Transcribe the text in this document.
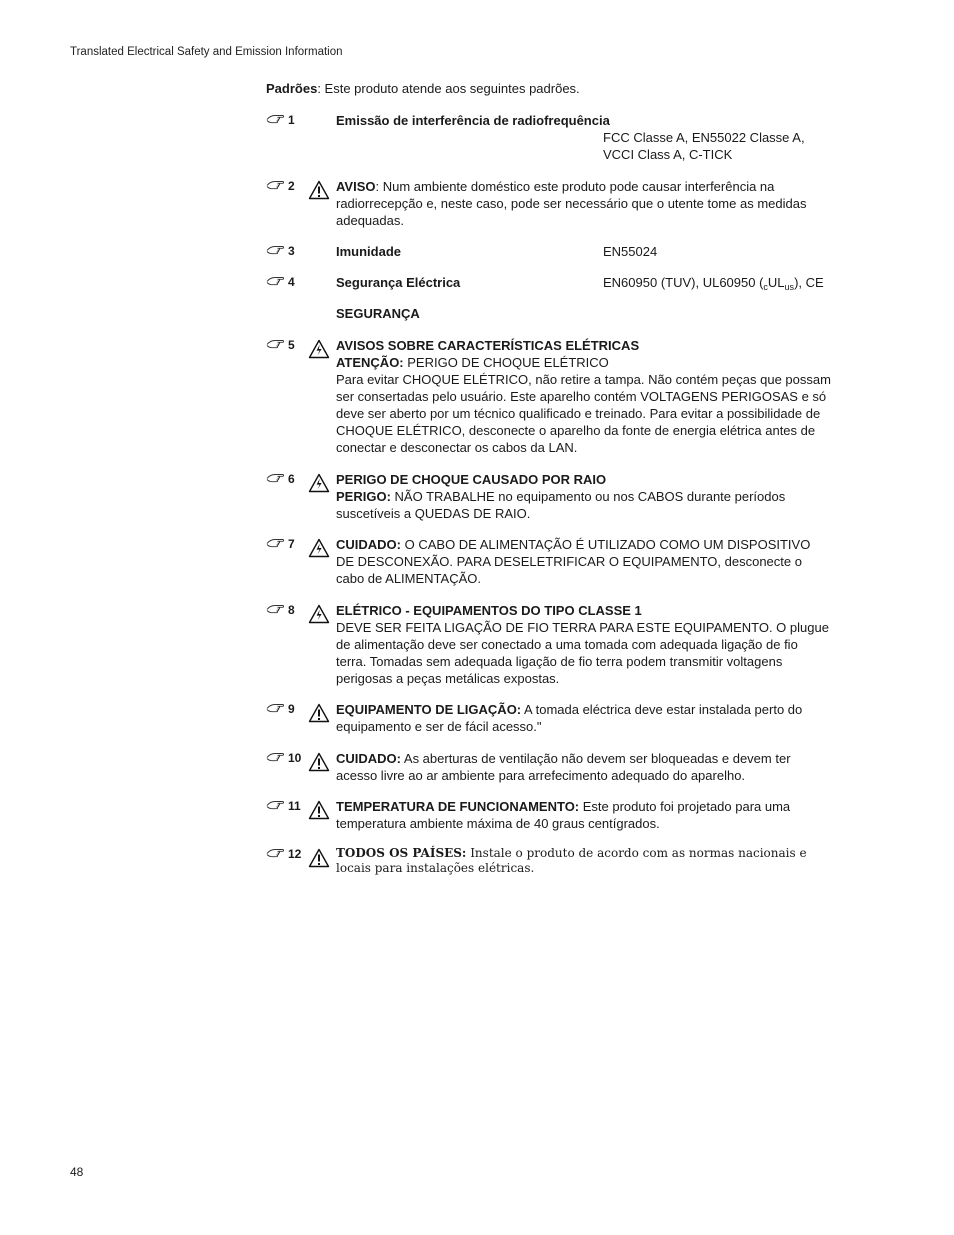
Translated Electrical Safety and Emission Information
Padrões: Este produto atende aos seguintes padrões.
1	Emissão de interferência de radiofrequência
FCC Classe A, EN55022 Classe A,
VCCI Class A, C-TICK
2	AVISO: Num ambiente doméstico este produto pode causar interferência na radiorrecepção e, neste caso, pode ser necessário que o utente tome as medidas adequadas.
3	Imunidade	EN55024
4	Segurança Eléctrica	EN60950 (TUV), UL60950 $(_cUL_{us})$, CE
SEGURANÇA
5	AVISOS SOBRE CARACTERÍSTICAS ELÉTRICAS
ATENÇÃO: PERIGO DE CHOQUE ELÉTRICO
Para evitar CHOQUE ELÉTRICO, não retire a tampa. Não contém peças que possam ser consertadas pelo usuário. Este aparelho contém VOLTAGENS PERIGOSAS e só deve ser aberto por um técnico qualificado e treinado. Para evitar a possibilidade de CHOQUE ELÉTRICO, desconecte o aparelho da fonte de energia elétrica antes de conectar e desconectar os cabos da LAN.
6	PERIGO DE CHOQUE CAUSADO POR RAIO
PERIGO: NÃO TRABALHE no equipamento ou nos CABOS durante períodos suscetíveis a QUEDAS DE RAIO.
7	CUIDADO: O CABO DE ALIMENTAÇÃO É UTILIZADO COMO UM DISPOSITIVO DE DESCONEXÃO. PARA DESELETRIFICAR O EQUIPAMENTO, desconecte o cabo de ALIMENTAÇÃO.
8	ELÉTRICO - EQUIPAMENTOS DO TIPO CLASSE 1
DEVE SER FEITA LIGAÇÃO DE FIO TERRA PARA ESTE EQUIPAMENTO. O plugue de alimentação deve ser conectado a uma tomada com adequada ligação de fio terra. Tomadas sem adequada ligação de fio terra podem transmitir voltagens perigosas a peças metálicas expostas.
9	EQUIPAMENTO DE LIGAÇÃO: A tomada eléctrica deve estar instalada perto do equipamento e ser de fácil acesso."
10	CUIDADO: As aberturas de ventilação não devem ser bloqueadas e devem ter acesso livre ao ar ambiente para arrefecimento adequado do aparelho.
11	TEMPERATURA DE FUNCIONAMENTO: Este produto foi projetado para uma temperatura ambiente máxima de 40 graus centígrados.
12	TODOS OS PAÍSES: Instale o produto de acordo com as normas nacionais e locais para instalações elétricas.
48
